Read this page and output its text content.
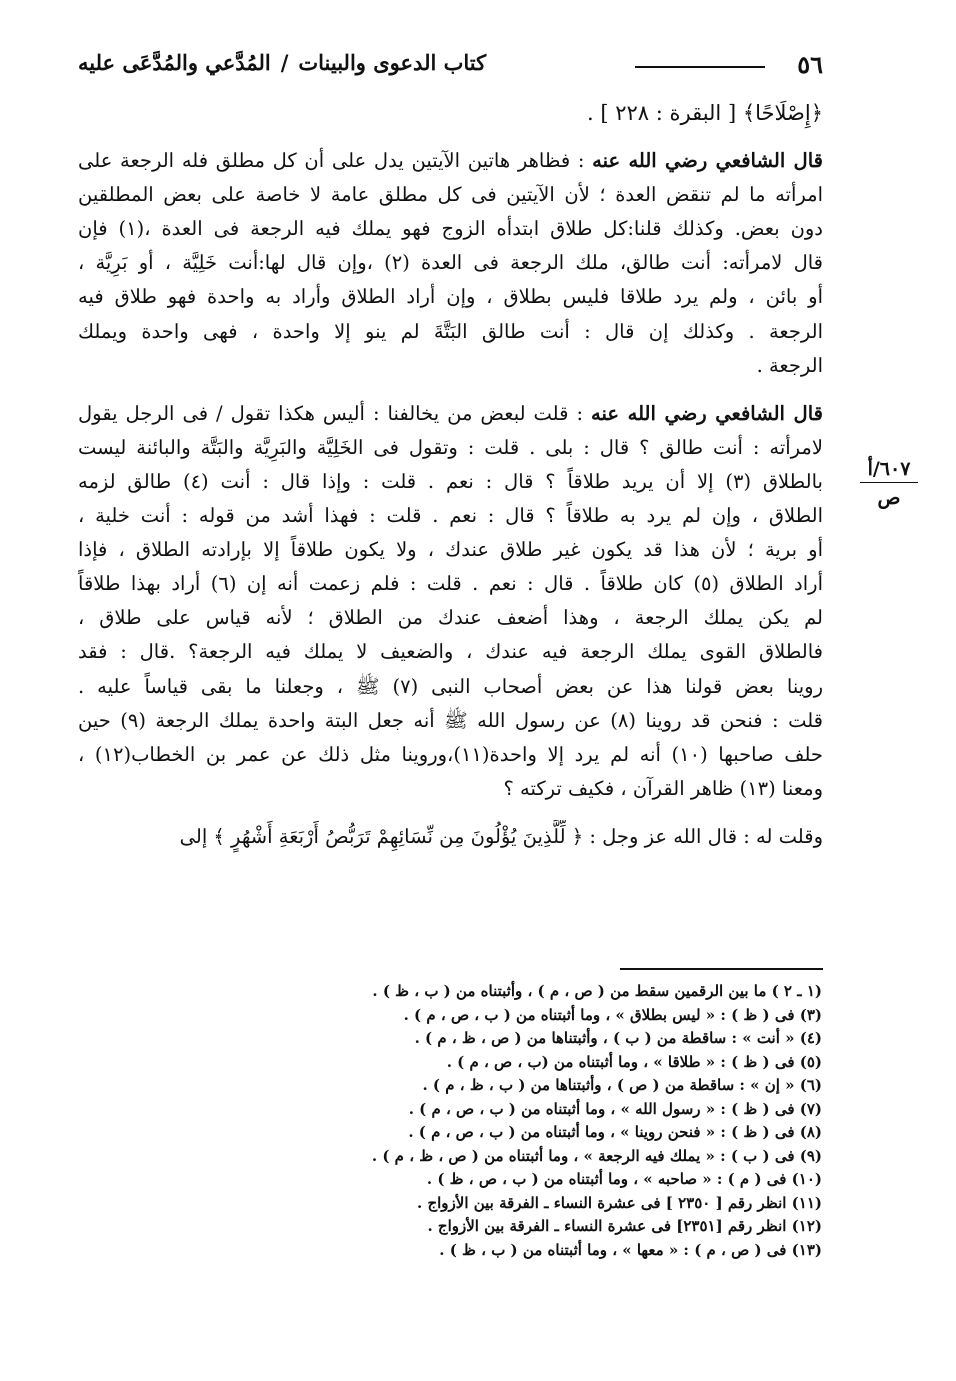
٥٦
كتاب الدعوى والبينات/المُدَّعي والمُدَّعَى عليه
﴿إِصْلَاحًا﴾ [ البقرة : ٢٢٨ ] .
قال الشافعي رضي الله عنه : فظاهر هاتين الآيتين يدل على أن كل مطلق فله الرجعة على
امرأته ما لم تنقض العدة ؛ لأن الآيتين فى كل مطلق عامة لا خاصة على بعض المطلقين
دون بعض. وكذلك قلنا:كل طلاق ابتدأه الزوج فهو يملك فيه الرجعة فى العدة ،(١) فإن
قال لامرأته: أنت طالق، ملك الرجعة فى العدة (٢) ،وإن قال لها:أنت خَلِيَّة ، أو بَرِيَّة ،
أو بائن ، ولم يرد طلاقا فليس بطلاق ، وإن أراد الطلاق وأراد به واحدة فهو طلاق فيه
الرجعة . وكذلك إن قال : أنت طالق البَتَّةَ لم ينو إلا واحدة ، فهى واحدة ويملك
الرجعة .
قال الشافعي رضي الله عنه : قلت لبعض من يخالفنا : أليس هكذا تقول / فى الرجل يقول
لامرأته : أنت طالق ؟ قال : بلى . قلت : وتقول فى الخَلِيَّة والبَرِيَّة والبَتَّة والبائنة ليست
بالطلاق (٣) إلا أن يريد طلاقاً ؟ قال : نعم . قلت : وإذا قال : أنت (٤) طالق لزمه
الطلاق ، وإن لم يرد به طلاقاً ؟ قال : نعم . قلت : فهذا أشد من قوله : أنت خلية ،
أو برية ؛ لأن هذا قد يكون غير طلاق عندك ، ولا يكون طلاقاً إلا بإرادته الطلاق ، فإذا
أراد الطلاق (٥) كان طلاقاً . قال : نعم . قلت : فلم زعمت أنه إن (٦) أراد بهذا طلاقاً
لم يكن يملك الرجعة ، وهذا أضعف عندك من الطلاق ؛ لأنه قياس على طلاق ،
فالطلاق القوى يملك الرجعة فيه عندك ، والضعيف لا يملك فيه الرجعة؟ .قال : فقد
روينا بعض قولنا هذا عن بعض أصحاب النبى (٧) ﷺ ، وجعلنا ما بقى قياساً عليه .
قلت : فنحن قد روينا (٨) عن رسول الله ﷺ أنه جعل البتة واحدة يملك الرجعة (٩) حين
حلف صاحبها (١٠) أنه لم يرد إلا واحدة(١١)،وروينا مثل ذلك عن عمر بن الخطاب(١٢) ،
ومعنا (١٣) ظاهر القرآن ، فكيف تركته ؟
وقلت له : قال الله عز وجل : ﴿ لِّلَّذِينَ يُؤْلُونَ مِن نِّسَائِهِمْ تَرَبُّصُ أَرْبَعَةِ أَشْهُرٍ ﴾ إلى
٦٠٧/أ
ص
(١ ـ ٢ ) ما بين الرقمين سقط من ( ص ، م ) ، وأثبتناه من ( ب ، ظ ) .
(٣) فى ( ظ ) : « ليس بطلاق » ، وما أثبتناه من ( ب ، ص ، م ) .
(٤) « أنت » : ساقطة من ( ب ) ، وأثبتناها من ( ص ، ظ ، م ) .
(٥) فى ( ظ ) : « طلاقا » ، وما أثبتناه من (ب ، ص ، م ) .
(٦) « إن » : ساقطة من ( ص ) ، وأثبتناها من ( ب ، ظ ، م ) .
(٧) فى ( ظ ) : « رسول الله » ، وما أثبتناه من ( ب ، ص ، م ) .
(٨) فى ( ظ ) : « فنحن روينا » ، وما أثبتناه من ( ب ، ص ، م ) .
(٩) فى ( ب ) : « يملك فيه الرجعة » ، وما أثبتناه من ( ص ، ظ ، م ) .
(١٠) فى ( م ) : « صاحبه » ، وما أثبتناه من ( ب ، ص ، ظ ) .
(١١) انظر رقم [ ٢٣٥٠ ] فى عشرة النساء ـ الفرقة بين الأزواج .
(١٢) انظر رقم [٢٣٥١] فى عشرة النساء ـ الفرقة بين الأزواج .
(١٣) فى ( ص ، م ) : « معها » ، وما أثبتناه من ( ب ، ظ ) .
